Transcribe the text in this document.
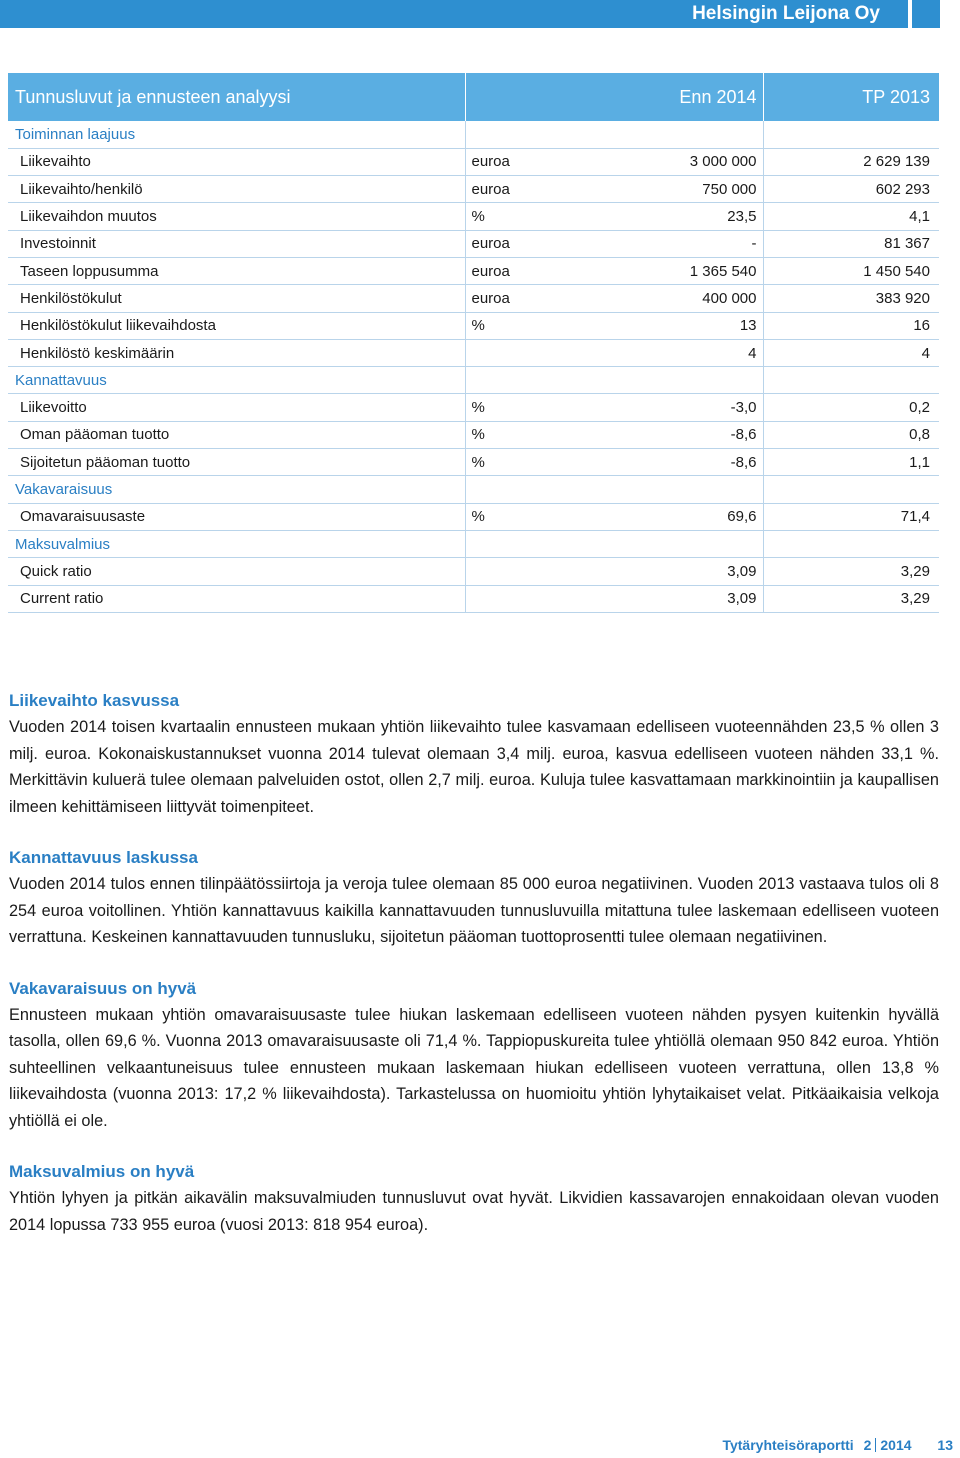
Helsingin Leijona Oy
Tunnusluvut ja ennusteen analyysi		Enn 2014	TP 2013
Toiminnan laajuus			
Liikevaihto	euroa	3 000 000	2 629 139
Liikevaihto/henkilö	euroa	750 000	602 293
Liikevaihdon muutos	%	23,5	4,1
Investoinnit	euroa	-	81 367
Taseen loppusumma	euroa	1 365 540	1 450 540
Henkilöstökulut	euroa	400 000	383 920
Henkilöstökulut liikevaihdosta	%	13	16
Henkilöstö keskimäärin		4	4
Kannattavuus			
Liikevoitto	%	-3,0	0,2
Oman pääoman tuotto	%	-8,6	0,8
Sijoitetun pääoman tuotto	%	-8,6	1,1
Vakavaraisuus			
Omavaraisuusaste	%	69,6	71,4
Maksuvalmius			
Quick ratio		3,09	3,29
Current ratio		3,09	3,29
Liikevaihto kasvussa

Vuoden 2014 toisen kvartaalin ennusteen mukaan yhtiön liikevaihto tulee kasvamaan edelliseen vuoteennähden 23,5 % ollen 3 milj. euroa. Kokonaiskustannukset vuonna 2014 tulevat olemaan 3,4 milj. euroa, kasvua edelliseen vuoteen nähden 33,1 %. Merkittävin kuluerä tulee olemaan palveluiden ostot, ollen 2,7 milj. euroa. Kuluja tulee kasvattamaan markkinointiin ja kaupallisen ilmeen kehittämiseen liittyvät toimenpiteet.

Kannattavuus laskussa

Vuoden 2014 tulos ennen tilinpäätössiirtoja ja veroja tulee olemaan 85 000 euroa negatiivinen. Vuoden 2013 vastaava tulos oli 8 254 euroa voitollinen. Yhtiön kannattavuus kaikilla kannattavuuden tunnusluvuilla mitattuna tulee laskemaan edelliseen vuoteen verrattuna. Keskeinen kannattavuuden tunnusluku, sijoitetun pääoman tuottoprosentti tulee olemaan negatiivinen.

Vakavaraisuus on hyvä

Ennusteen mukaan yhtiön omavaraisuusaste tulee hiukan laskemaan edelliseen vuoteen nähden pysyen kuitenkin hyvällä tasolla, ollen 69,6 %. Vuonna 2013 omavaraisuusaste oli 71,4 %. Tappiopuskureita tulee yhtiöllä olemaan 950 842 euroa. Yhtiön suhteellinen velkaantuneisuus tulee ennusteen mukaan laskemaan hiukan edelliseen vuoteen verrattuna, ollen 13,8 % liikevaihdosta (vuonna 2013: 17,2 % liikevaihdosta). Tarkastelussa on huomioitu yhtiön lyhytaikaiset velat. Pitkäaikaisia velkoja yhtiöllä ei ole.

Maksuvalmius on hyvä

Yhtiön lyhyen ja pitkän aikavälin maksuvalmiuden tunnusluvut ovat hyvät. Likvidien kassavarojen ennakoidaan olevan vuoden 2014 lopussa 733 955 euroa (vuosi 2013: 818 954 euroa).

Tytäryhteisöraportti 2 2014 13
